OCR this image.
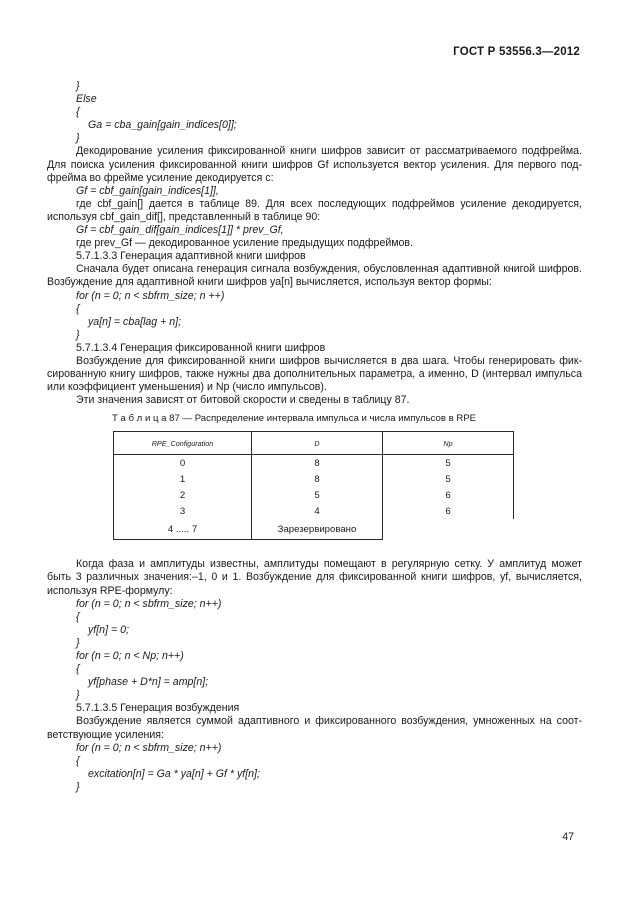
ГОСТ Р 53556.3—2012
}
Else
{
Ga = cba_gain[gain_indices[0]];
}
Декодирование усиления фиксированной книги шифров зависит от рассматриваемого подфрейма.
Для поиска усиления фиксированной книги шифров Gf используется вектор усиления. Для первого под-
фрейма во фрейме усиление декодируется с:
Gf = cbf_gain[gain_indices[1]],
где cbf_gain[] дается в таблице 89. Для всех последующих подфреймов усиление декодируется,
используя cbf_gain_dif[], представленный в таблице 90:
Gf = cbf_gain_dif[gain_indices[1]] * prev_Gf,
где prev_Gf — декодированное усиление предыдущих подфреймов.
5.7.1.3.3 Генерация адаптивной книги шифров
Сначала будет описана генерация сигнала возбуждения, обусловленная адаптивной книгой шифров.
Возбуждение для адаптивной книги шифров ya[n] вычисляется, используя вектор формы:
for (n = 0; n < sbfrm_size; n ++)
{
ya[n] = cba[lag + n];
}
5.7.1.3.4 Генерация фиксированной книги шифров
Возбуждение для фиксированной книги шифров вычисляется в два шага. Чтобы генерировать фик-
сированную книгу шифров, также нужны два дополнительных параметра, а именно, D (интервал импульса
или коэффициент уменьшения) и Np (число импульсов).
Эти значения зависят от битовой скорости и сведены в таблицу 87.
Т а б л и ц а 87 — Распределение интервала импульса и числа импульсов в RPE
RPE_Configuration	D	Np
0	8	5
1	8	5
2	5	6
3	4	6
4 ..... 7	Зарезервировано	
Когда фаза и амплитуды известны, амплитуды помещают в регулярную сетку. У амплитуд может
быть 3 различных значения:–1, 0 и 1. Возбуждение для фиксированной книги шифров, yf, вычисляется,
используя RPE-формулу:
for (n = 0; n < sbfrm_size; n++)
{
yf[n] = 0;
}
for (n = 0; n < Np; n++)
{
yf[phase + D*n] = amp[n];
}
5.7.1.3.5 Генерация возбуждения
Возбуждение является суммой адаптивного и фиксированного возбуждения, умноженных на соот-
ветствующие усиления:
for (n = 0; n < sbfrm_size; n++)
{
excitation[n] = Ga * ya[n] + Gf * yf[n];
}
47
